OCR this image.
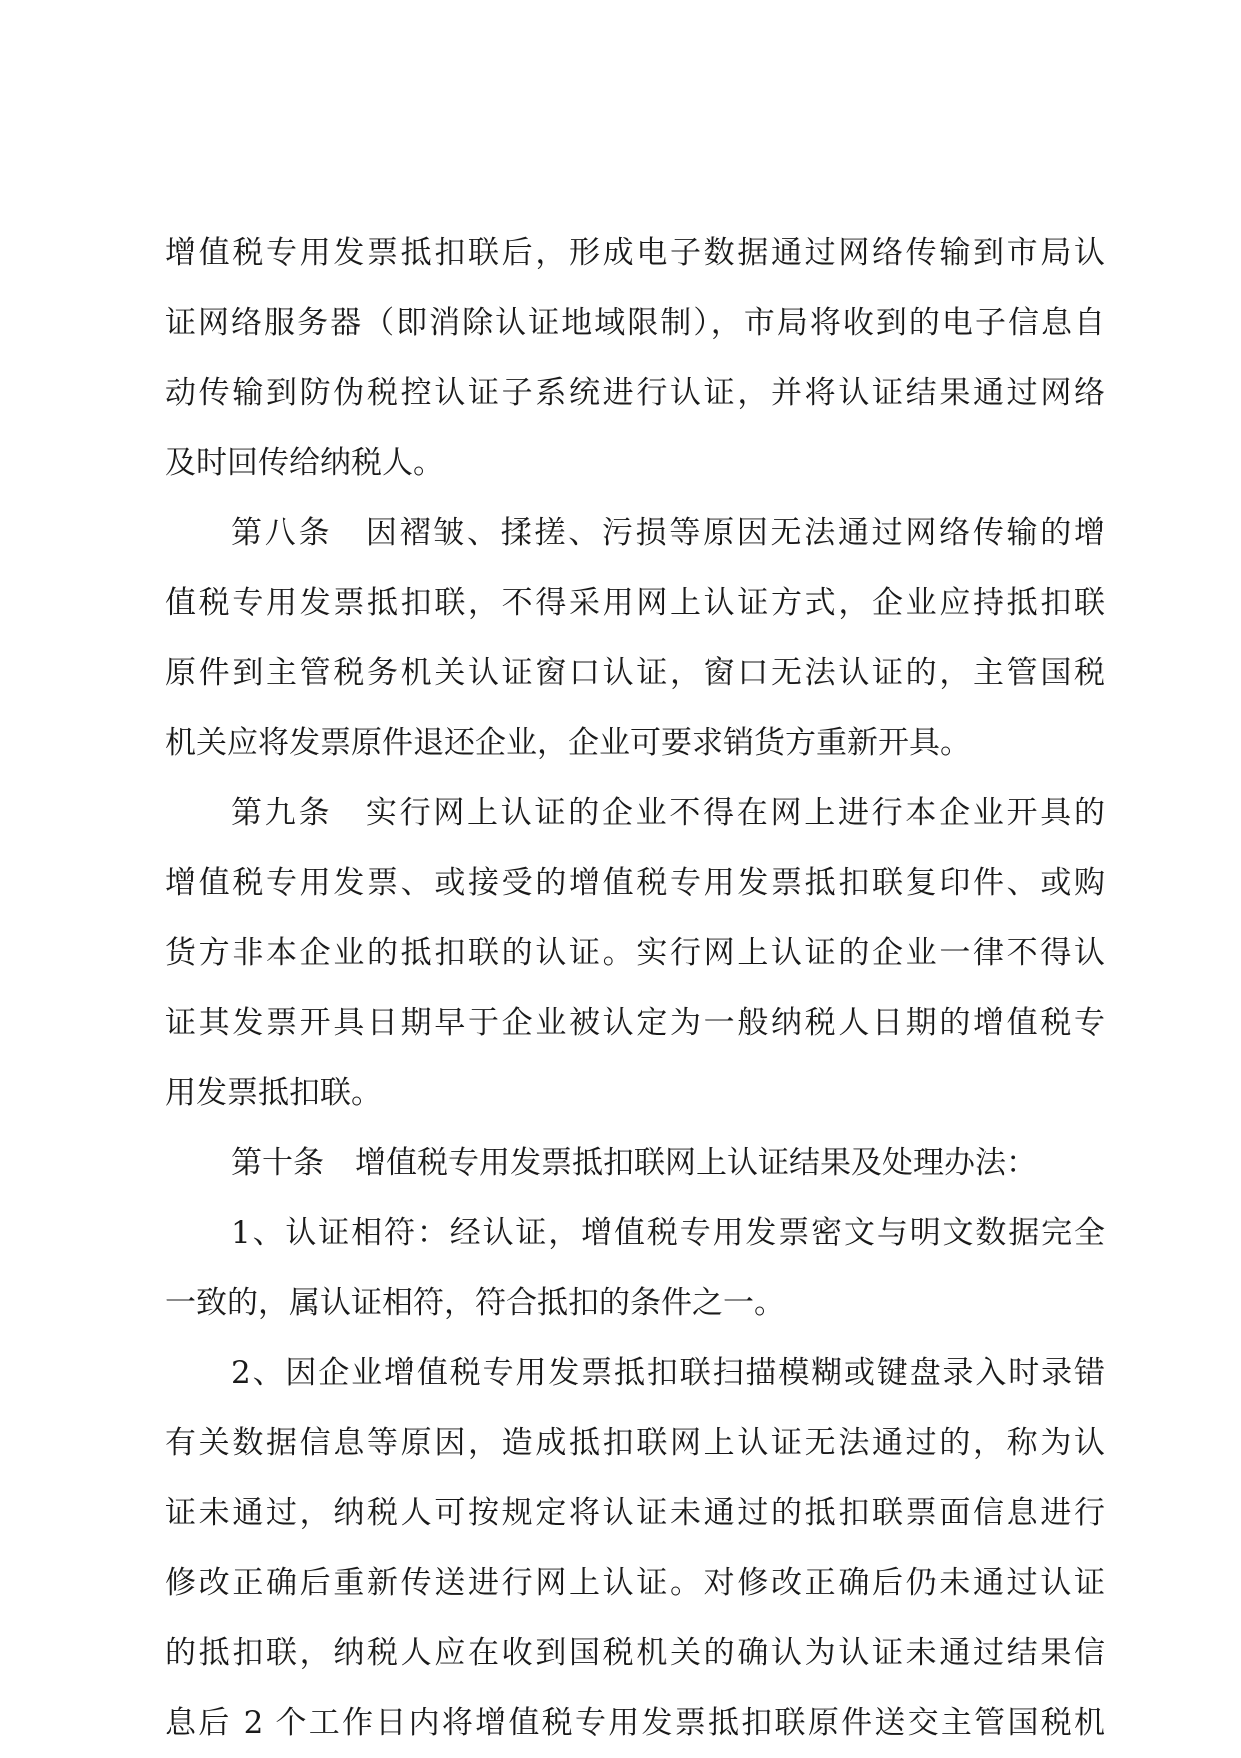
增值税专用发票抵扣联后，形成电子数据通过网络传输到市局认
证网络服务器（即消除认证地域限制），市局将收到的电子信息自
动传输到防伪税控认证子系统进行认证，并将认证结果通过网络
及时回传给纳税人。
第八条　因褶皱、揉搓、污损等原因无法通过网络传输的增
值税专用发票抵扣联，不得采用网上认证方式，企业应持抵扣联
原件到主管税务机关认证窗口认证，窗口无法认证的，主管国税
机关应将发票原件退还企业，企业可要求销货方重新开具。
第九条　实行网上认证的企业不得在网上进行本企业开具的
增值税专用发票、或接受的增值税专用发票抵扣联复印件、或购
货方非本企业的抵扣联的认证。实行网上认证的企业一律不得认
证其发票开具日期早于企业被认定为一般纳税人日期的增值税专
用发票抵扣联。
第十条　增值税专用发票抵扣联网上认证结果及处理办法：
1、认证相符：经认证，增值税专用发票密文与明文数据完全
一致的，属认证相符，符合抵扣的条件之一。
2、因企业增值税专用发票抵扣联扫描模糊或键盘录入时录错
有关数据信息等原因，造成抵扣联网上认证无法通过的，称为认
证未通过，纳税人可按规定将认证未通过的抵扣联票面信息进行
修改正确后重新传送进行网上认证。对修改正确后仍未通过认证
的抵扣联，纳税人应在收到国税机关的确认为认证未通过结果信
息后 2 个工作日内将增值税专用发票抵扣联原件送交主管国税机
